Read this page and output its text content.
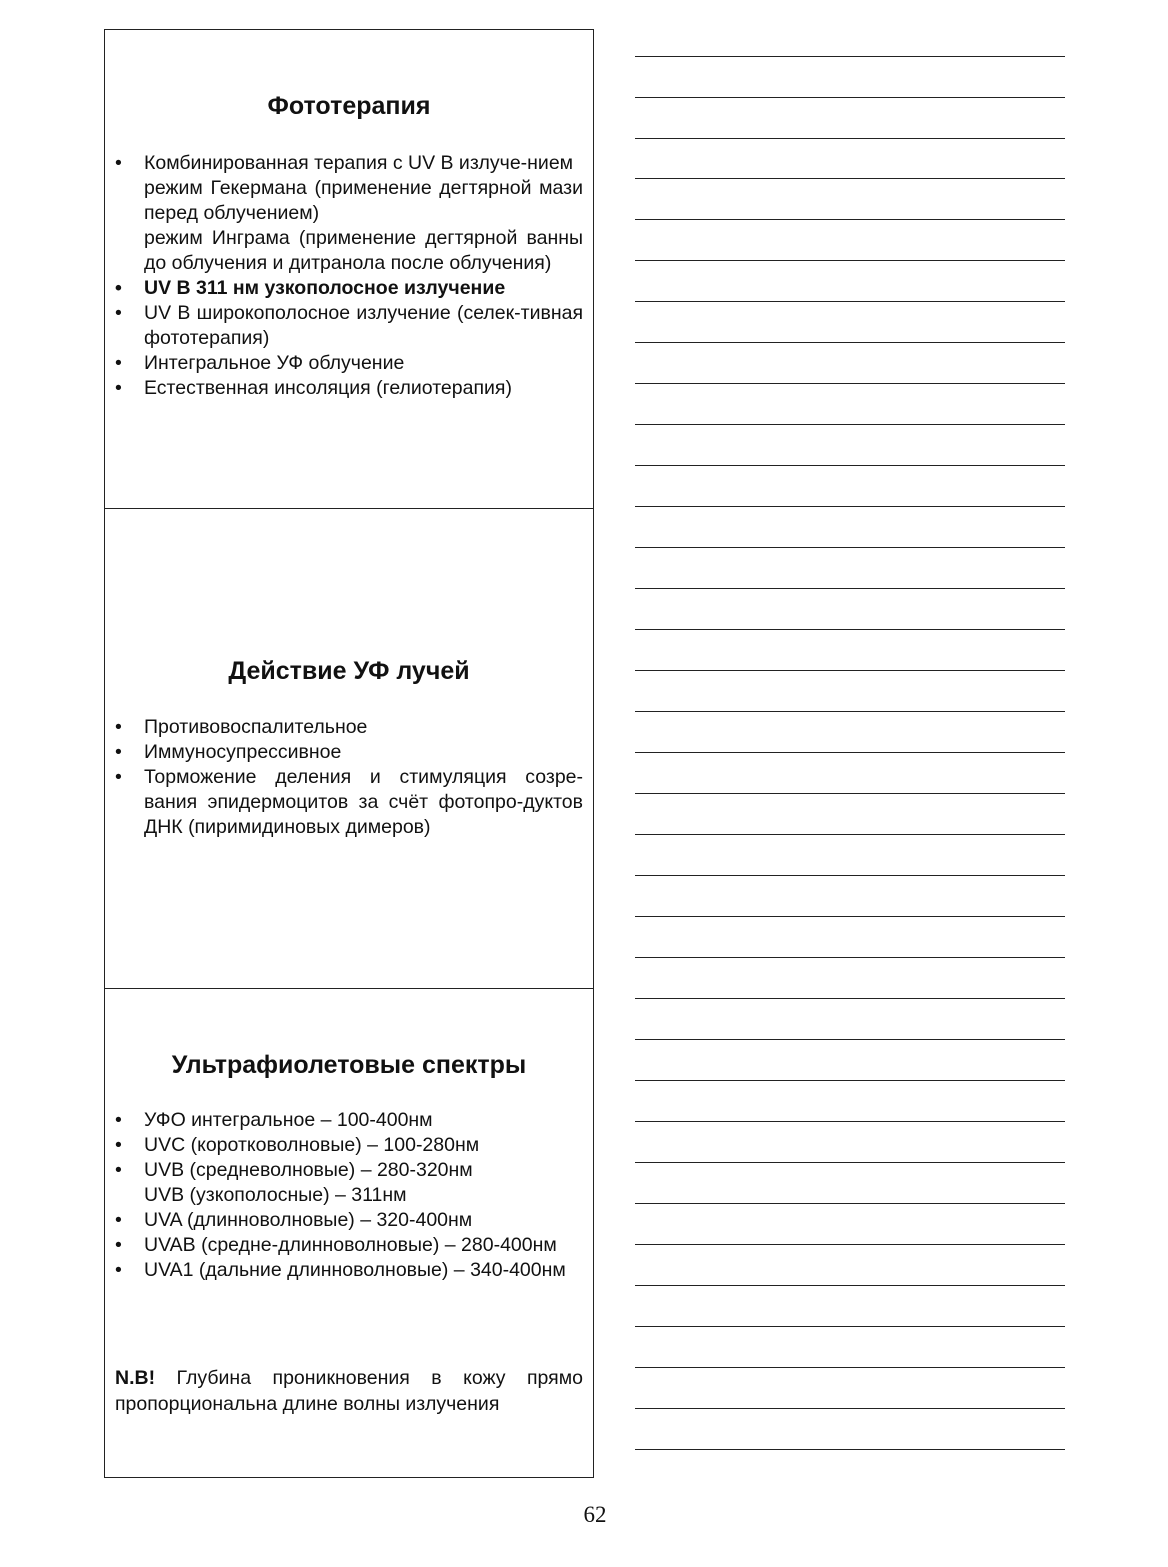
Фототерапия
•	Комбинированная терапия с UV B излуче-нием
режим Гекермана (применение дегтярной мази перед облучением)
режим Инграма (применение дегтярной ванны до облучения и дитранола после облучения)
•	UV B 311 нм узкополосное излучение
•	UV B широкополосное излучение (селек-тивная фототерапия)
•	Интегральное УФ облучение
•	Естественная инсоляция (гелиотерапия)
Действие УФ лучей
•	Противовоспалительное
•	Иммуносупрессивное
•	Торможение деления и стимуляция созре-вания эпидермоцитов за счёт фотопро-дуктов ДНК (пиримидиновых димеров)
Ультрафиолетовые спектры
•	УФО интегральное – 100-400нм
•	UVC (коротковолновые) – 100-280нм
•	UVB (средневолновые) – 280-320нм
UVB (узкополосные) – 311нм
•	UVA (длинноволновые) – 320-400нм
•	UVAB (средне-длинноволновые) – 280-400нм
•	UVA1 (дальние длинноволновые) – 340-400нм

N.B! Глубина проникновения в кожу прямо пропорциональна длине волны излучения

62
